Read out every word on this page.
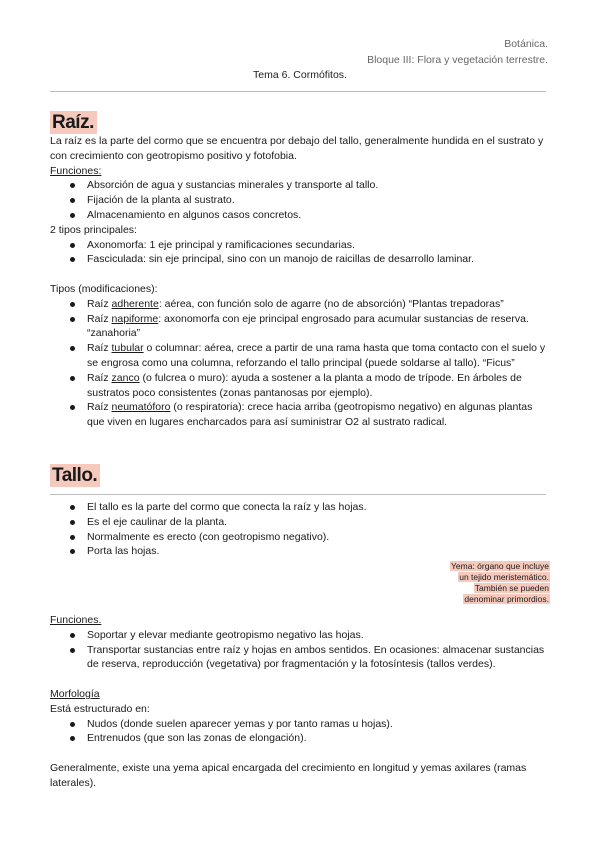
Botánica.
Bloque III: Flora y vegetación terrestre.
Tema 6. Cormófitos.
Raíz.
La raíz es la parte del cormo que se encuentra por debajo del tallo, generalmente hundida en el sustrato y con crecimiento con geotropismo positivo y fotofobia.
Funciones:
Absorción de agua y sustancias minerales y transporte al tallo.
Fijación de la planta al sustrato.
Almacenamiento en algunos casos concretos.
2 tipos principales:
Axonomorfa: 1 eje principal y ramificaciones secundarias.
Fasciculada: sin eje principal, sino con un manojo de raicillas de desarrollo laminar.
Tipos (modificaciones):
Raíz adherente: aérea, con función solo de agarre (no de absorción) “Plantas trepadoras”
Raíz napiforme: axonomorfa con eje principal engrosado para acumular sustancias de reserva. “zanahoria”
Raíz tubular o columnar: aérea, crece a partir de una rama hasta que toma contacto con el suelo y se engrosa como una columna, reforzando el tallo principal (puede soldarse al tallo). “Ficus”
Raíz zanco (o fulcrea o muro): ayuda a sostener a la planta a modo de trípode. En árboles de sustratos poco consistentes (zonas pantanosas por ejemplo).
Raíz neumatóforo (o respiratoria): crece hacia arriba (geotropismo negativo) en algunas plantas que viven en lugares encharcados para así suministrar O2 al sustrato radical.
Tallo.
El tallo es la parte del cormo que conecta la raíz y las hojas.
Es el eje caulinar de la planta.
Normalmente es erecto (con geotropismo negativo).
Porta las hojas.
Yema: órgano que incluye
un tejido meristemático.
También se pueden
denominar primordios.
Funciones.
Soportar y elevar mediante geotropismo negativo las hojas.
Transportar sustancias entre raíz y hojas en ambos sentidos. En ocasiones: almacenar sustancias de reserva, reproducción (vegetativa) por fragmentación y la fotosíntesis (tallos verdes).
Morfología
Está estructurado en:
Nudos (donde suelen aparecer yemas y por tanto ramas u hojas).
Entrenudos (que son las zonas de elongación).
Generalmente, existe una yema apical encargada del crecimiento en longitud y yemas axilares (ramas laterales).
